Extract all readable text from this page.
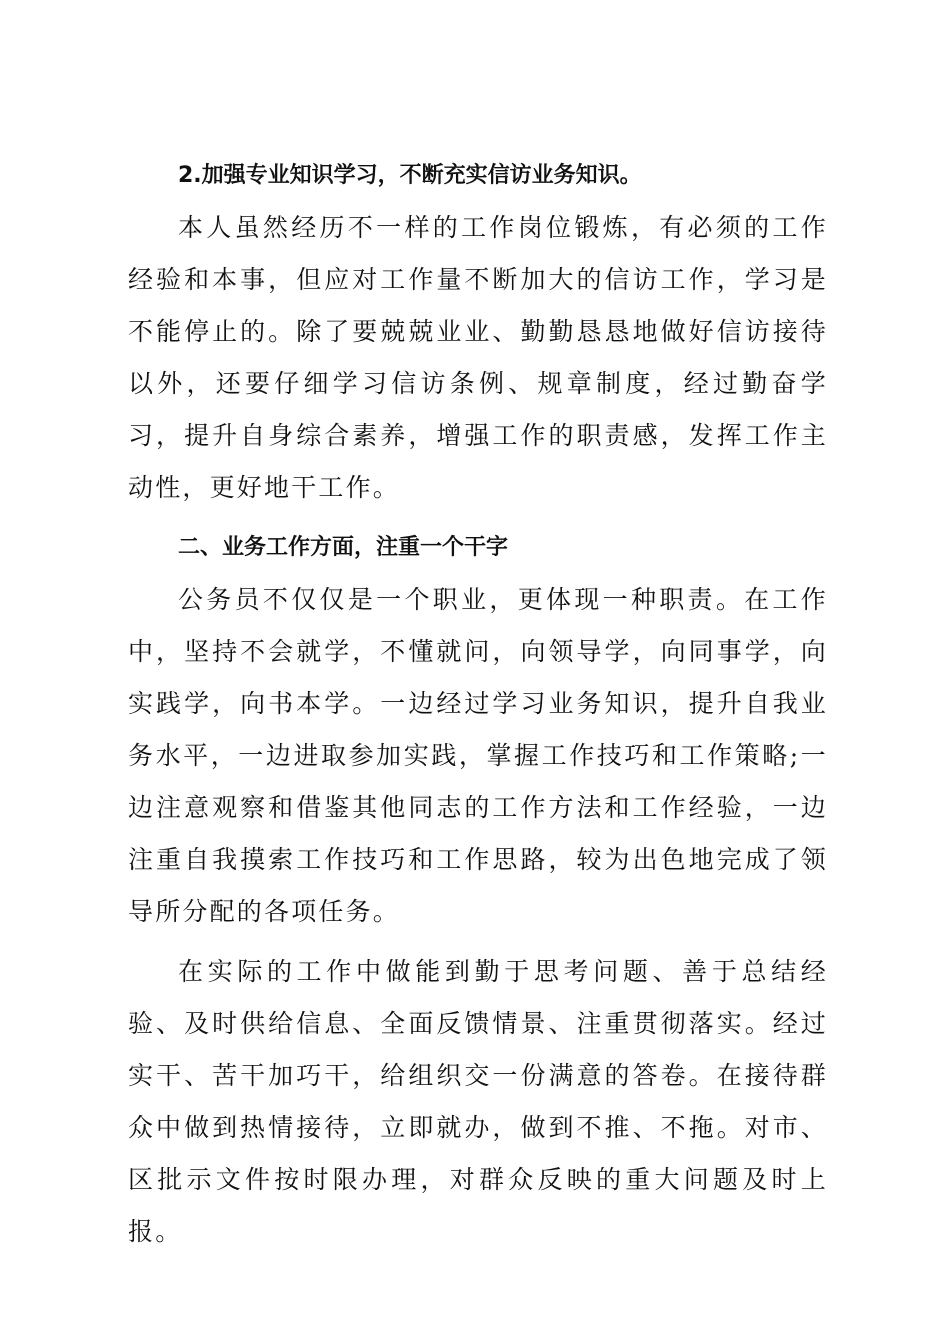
2.加强专业知识学习，不断充实信访业务知识。

本人虽然经历不一样的工作岗位锻炼，有必须的工作经验和本事，但应对工作量不断加大的信访工作，学习是不能停止的。除了要兢兢业业、勤勤恳恳地做好信访接待以外，还要仔细学习信访条例、规章制度，经过勤奋学习，提升自身综合素养，增强工作的职责感，发挥工作主动性，更好地干工作。

二、业务工作方面，注重一个干字

公务员不仅仅是一个职业，更体现一种职责。在工作中，坚持不会就学，不懂就问，向领导学，向同事学，向实践学，向书本学。一边经过学习业务知识，提升自我业务水平，一边进取参加实践，掌握工作技巧和工作策略;一边注意观察和借鉴其他同志的工作方法和工作经验，一边注重自我摸索工作技巧和工作思路，较为出色地完成了领导所分配的各项任务。

在实际的工作中做能到勤于思考问题、善于总结经验、及时供给信息、全面反馈情景、注重贯彻落实。经过实干、苦干加巧干，给组织交一份满意的答卷。在接待群众中做到热情接待，立即就办，做到不推、不拖。对市、区批示文件按时限办理，对群众反映的重大问题及时上报。
